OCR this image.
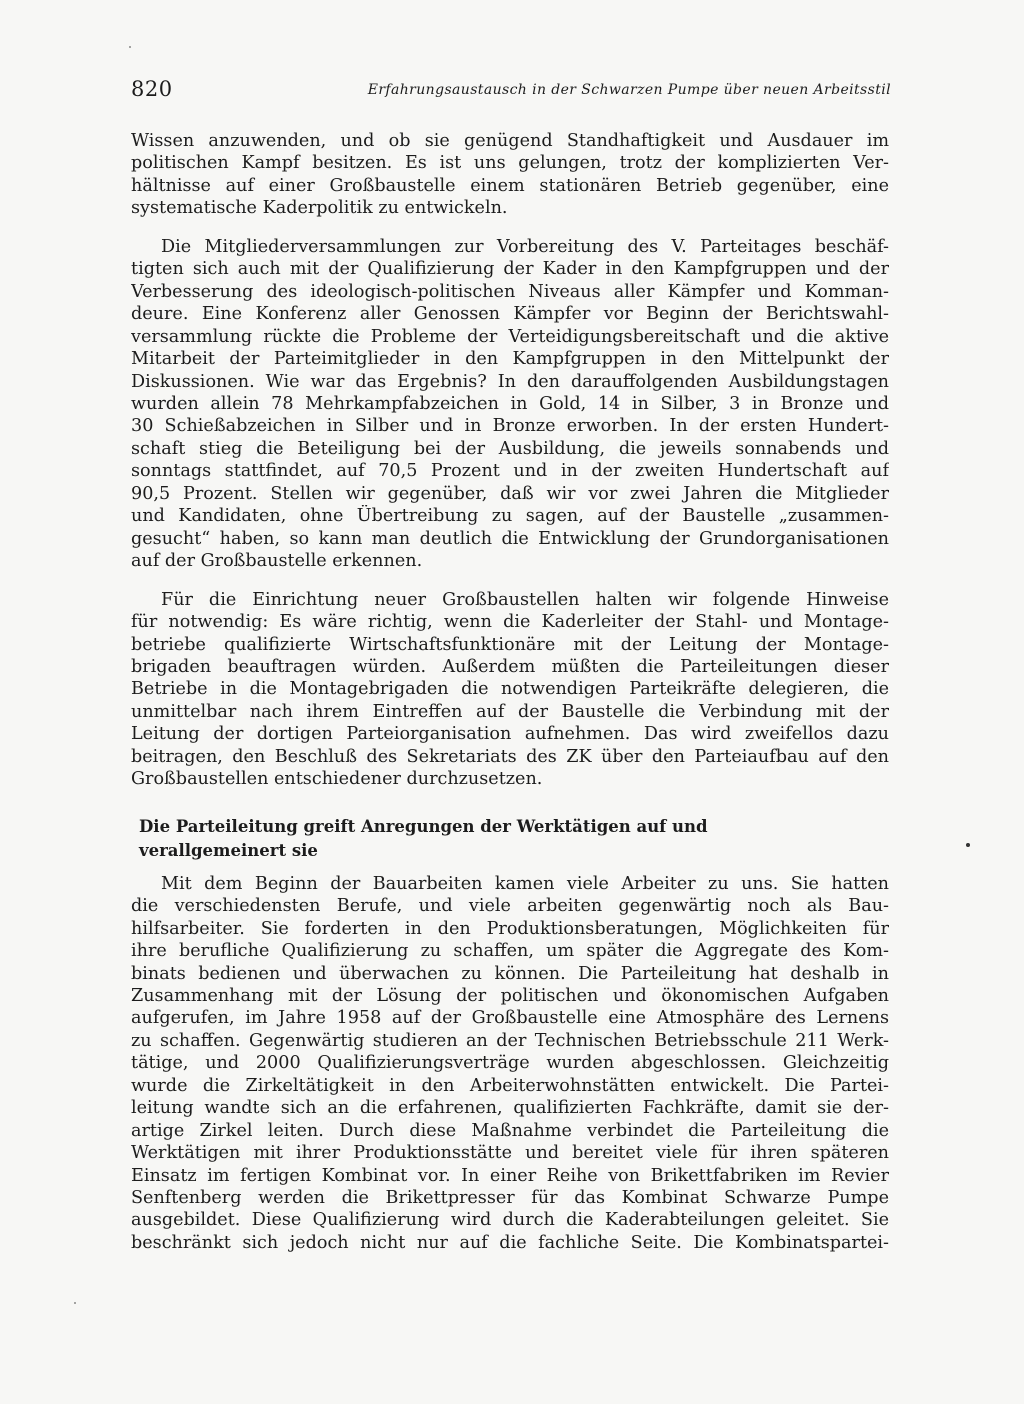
820	Erfahrungsaustausch in der Schwarzen Pumpe über neuen Arbeitsstil
Wissen anzuwenden, und ob sie genügend Standhaftigkeit und Ausdauer im
politischen Kampf besitzen. Es ist uns gelungen, trotz der komplizierten Ver-
hältnisse auf einer Großbaustelle einem stationären Betrieb gegenüber, eine
systematische Kaderpolitik zu entwickeln.
Die Mitgliederversammlungen zur Vorbereitung des V. Parteitages beschäf-
tigten sich auch mit der Qualifizierung der Kader in den Kampfgruppen und der
Verbesserung des ideologisch-politischen Niveaus aller Kämpfer und Komman-
deure. Eine Konferenz aller Genossen Kämpfer vor Beginn der Berichtswahl-
versammlung rückte die Probleme der Verteidigungsbereitschaft und die aktive
Mitarbeit der Parteimitglieder in den Kampfgruppen in den Mittelpunkt der
Diskussionen. Wie war das Ergebnis? In den darauffolgenden Ausbildungstagen
wurden allein 78 Mehrkampfabzeichen in Gold, 14 in Silber, 3 in Bronze und
30 Schießabzeichen in Silber und in Bronze erworben. In der ersten Hundert-
schaft stieg die Beteiligung bei der Ausbildung, die jeweils sonnabends und
sonntags stattfindet, auf 70,5 Prozent und in der zweiten Hundertschaft auf
90,5 Prozent. Stellen wir gegenüber, daß wir vor zwei Jahren die Mitglieder
und Kandidaten, ohne Übertreibung zu sagen, auf der Baustelle „zusammen-
gesucht“ haben, so kann man deutlich die Entwicklung der Grundorganisationen
auf der Großbaustelle erkennen.
Für die Einrichtung neuer Großbaustellen halten wir folgende Hinweise
für notwendig: Es wäre richtig, wenn die Kaderleiter der Stahl- und Montage-
betriebe qualifizierte Wirtschaftsfunktionäre mit der Leitung der Montage-
brigaden beauftragen würden. Außerdem müßten die Parteileitungen dieser
Betriebe in die Montagebrigaden die notwendigen Parteikräfte delegieren, die
unmittelbar nach ihrem Eintreffen auf der Baustelle die Verbindung mit der
Leitung der dortigen Parteiorganisation aufnehmen. Das wird zweifellos dazu
beitragen, den Beschluß des Sekretariats des ZK über den Parteiaufbau auf den
Großbaustellen entschiedener durchzusetzen.
Die Parteileitung greift Anregungen der Werktätigen auf und
verallgemeinert sie
Mit dem Beginn der Bauarbeiten kamen viele Arbeiter zu uns. Sie hatten
die verschiedensten Berufe, und viele arbeiten gegenwärtig noch als Bau-
hilfsarbeiter. Sie forderten in den Produktionsberatungen, Möglichkeiten für
ihre berufliche Qualifizierung zu schaffen, um später die Aggregate des Kom-
binats bedienen und überwachen zu können. Die Parteileitung hat deshalb in
Zusammenhang mit der Lösung der politischen und ökonomischen Aufgaben
aufgerufen, im Jahre 1958 auf der Großbaustelle eine Atmosphäre des Lernens
zu schaffen. Gegenwärtig studieren an der Technischen Betriebsschule 211 Werk-
tätige, und 2000 Qualifizierungsverträge wurden abgeschlossen. Gleichzeitig
wurde die Zirkeltätigkeit in den Arbeiterwohnstätten entwickelt. Die Partei-
leitung wandte sich an die erfahrenen, qualifizierten Fachkräfte, damit sie der-
artige Zirkel leiten. Durch diese Maßnahme verbindet die Parteileitung die
Werktätigen mit ihrer Produktionsstätte und bereitet viele für ihren späteren
Einsatz im fertigen Kombinat vor. In einer Reihe von Brikettfabriken im Revier
Senftenberg werden die Brikettpresser für das Kombinat Schwarze Pumpe
ausgebildet. Diese Qualifizierung wird durch die Kaderabteilungen geleitet. Sie
beschränkt sich jedoch nicht nur auf die fachliche Seite. Die Kombinatspartei-
